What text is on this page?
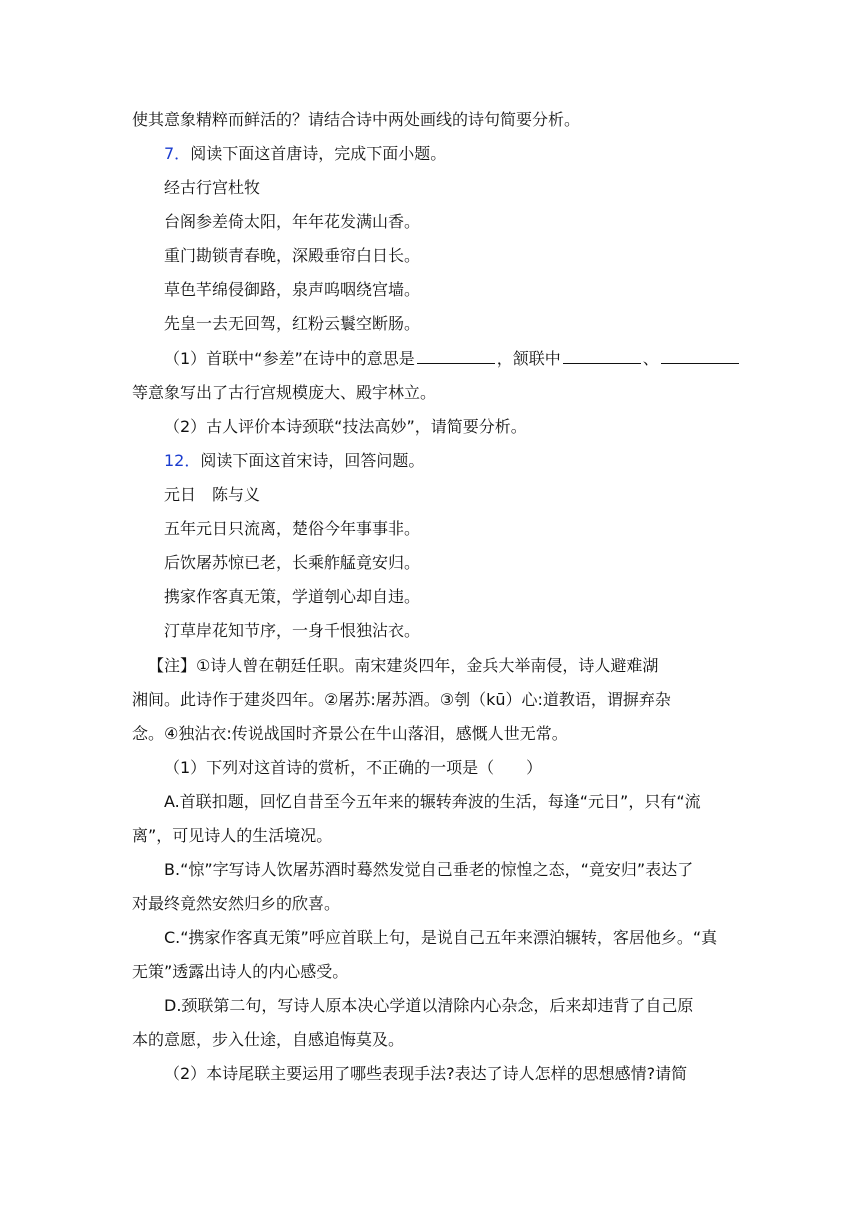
使其意象精粹而鲜活的？请结合诗中两处画线的诗句简要分析。
7．阅读下面这首唐诗，完成下面小题。
经古行宫杜牧
台阁参差倚太阳，年年花发满山香。
重门勘锁青春晚，深殿垂帘白日长。
草色芊绵侵御路，泉声呜咽绕宫墙。
先皇一去无回驾，红粉云鬟空断肠。
（1）首联中“参差”在诗中的意思是	，颔联中	、
等意象写出了古行宫规模庞大、殿宇林立。
（2）古人评价本诗颈联“技法高妙”，请简要分析。
12．阅读下面这首宋诗，回答问题。
元日　陈与义
五年元日只流离，楚俗今年事事非。
后饮屠苏惊已老，长乘舴艋竟安归。
携家作客真无策，学道刳心却自违。
汀草岸花知节序，一身千恨独沾衣。
【注】①诗人曾在朝廷任职。南宋建炎四年，金兵大举南侵，诗人避难湖
湘间。此诗作于建炎四年。②屠苏:屠苏酒。③刳（kū）心:道教语，谓摒弃杂
念。④独沾衣:传说战国时齐景公在牛山落泪，感慨人世无常。
（1）下列对这首诗的赏析，不正确的一项是（　　）
A.首联扣题，回忆自昔至今五年来的辗转奔波的生活，每逢“元日”，只有“流
离”，可见诗人的生活境况。
B.“惊”字写诗人饮屠苏酒时蓦然发觉自己垂老的惊惶之态，“竟安归”表达了
对最终竟然安然归乡的欣喜。
C.“携家作客真无策”呼应首联上句，是说自己五年来漂泊辗转，客居他乡。“真
无策”透露出诗人的内心感受。
D.颈联第二句，写诗人原本决心学道以清除内心杂念，后来却违背了自己原
本的意愿，步入仕途，自感追悔莫及。
（2）本诗尾联主要运用了哪些表现手法?表达了诗人怎样的思想感情?请简
